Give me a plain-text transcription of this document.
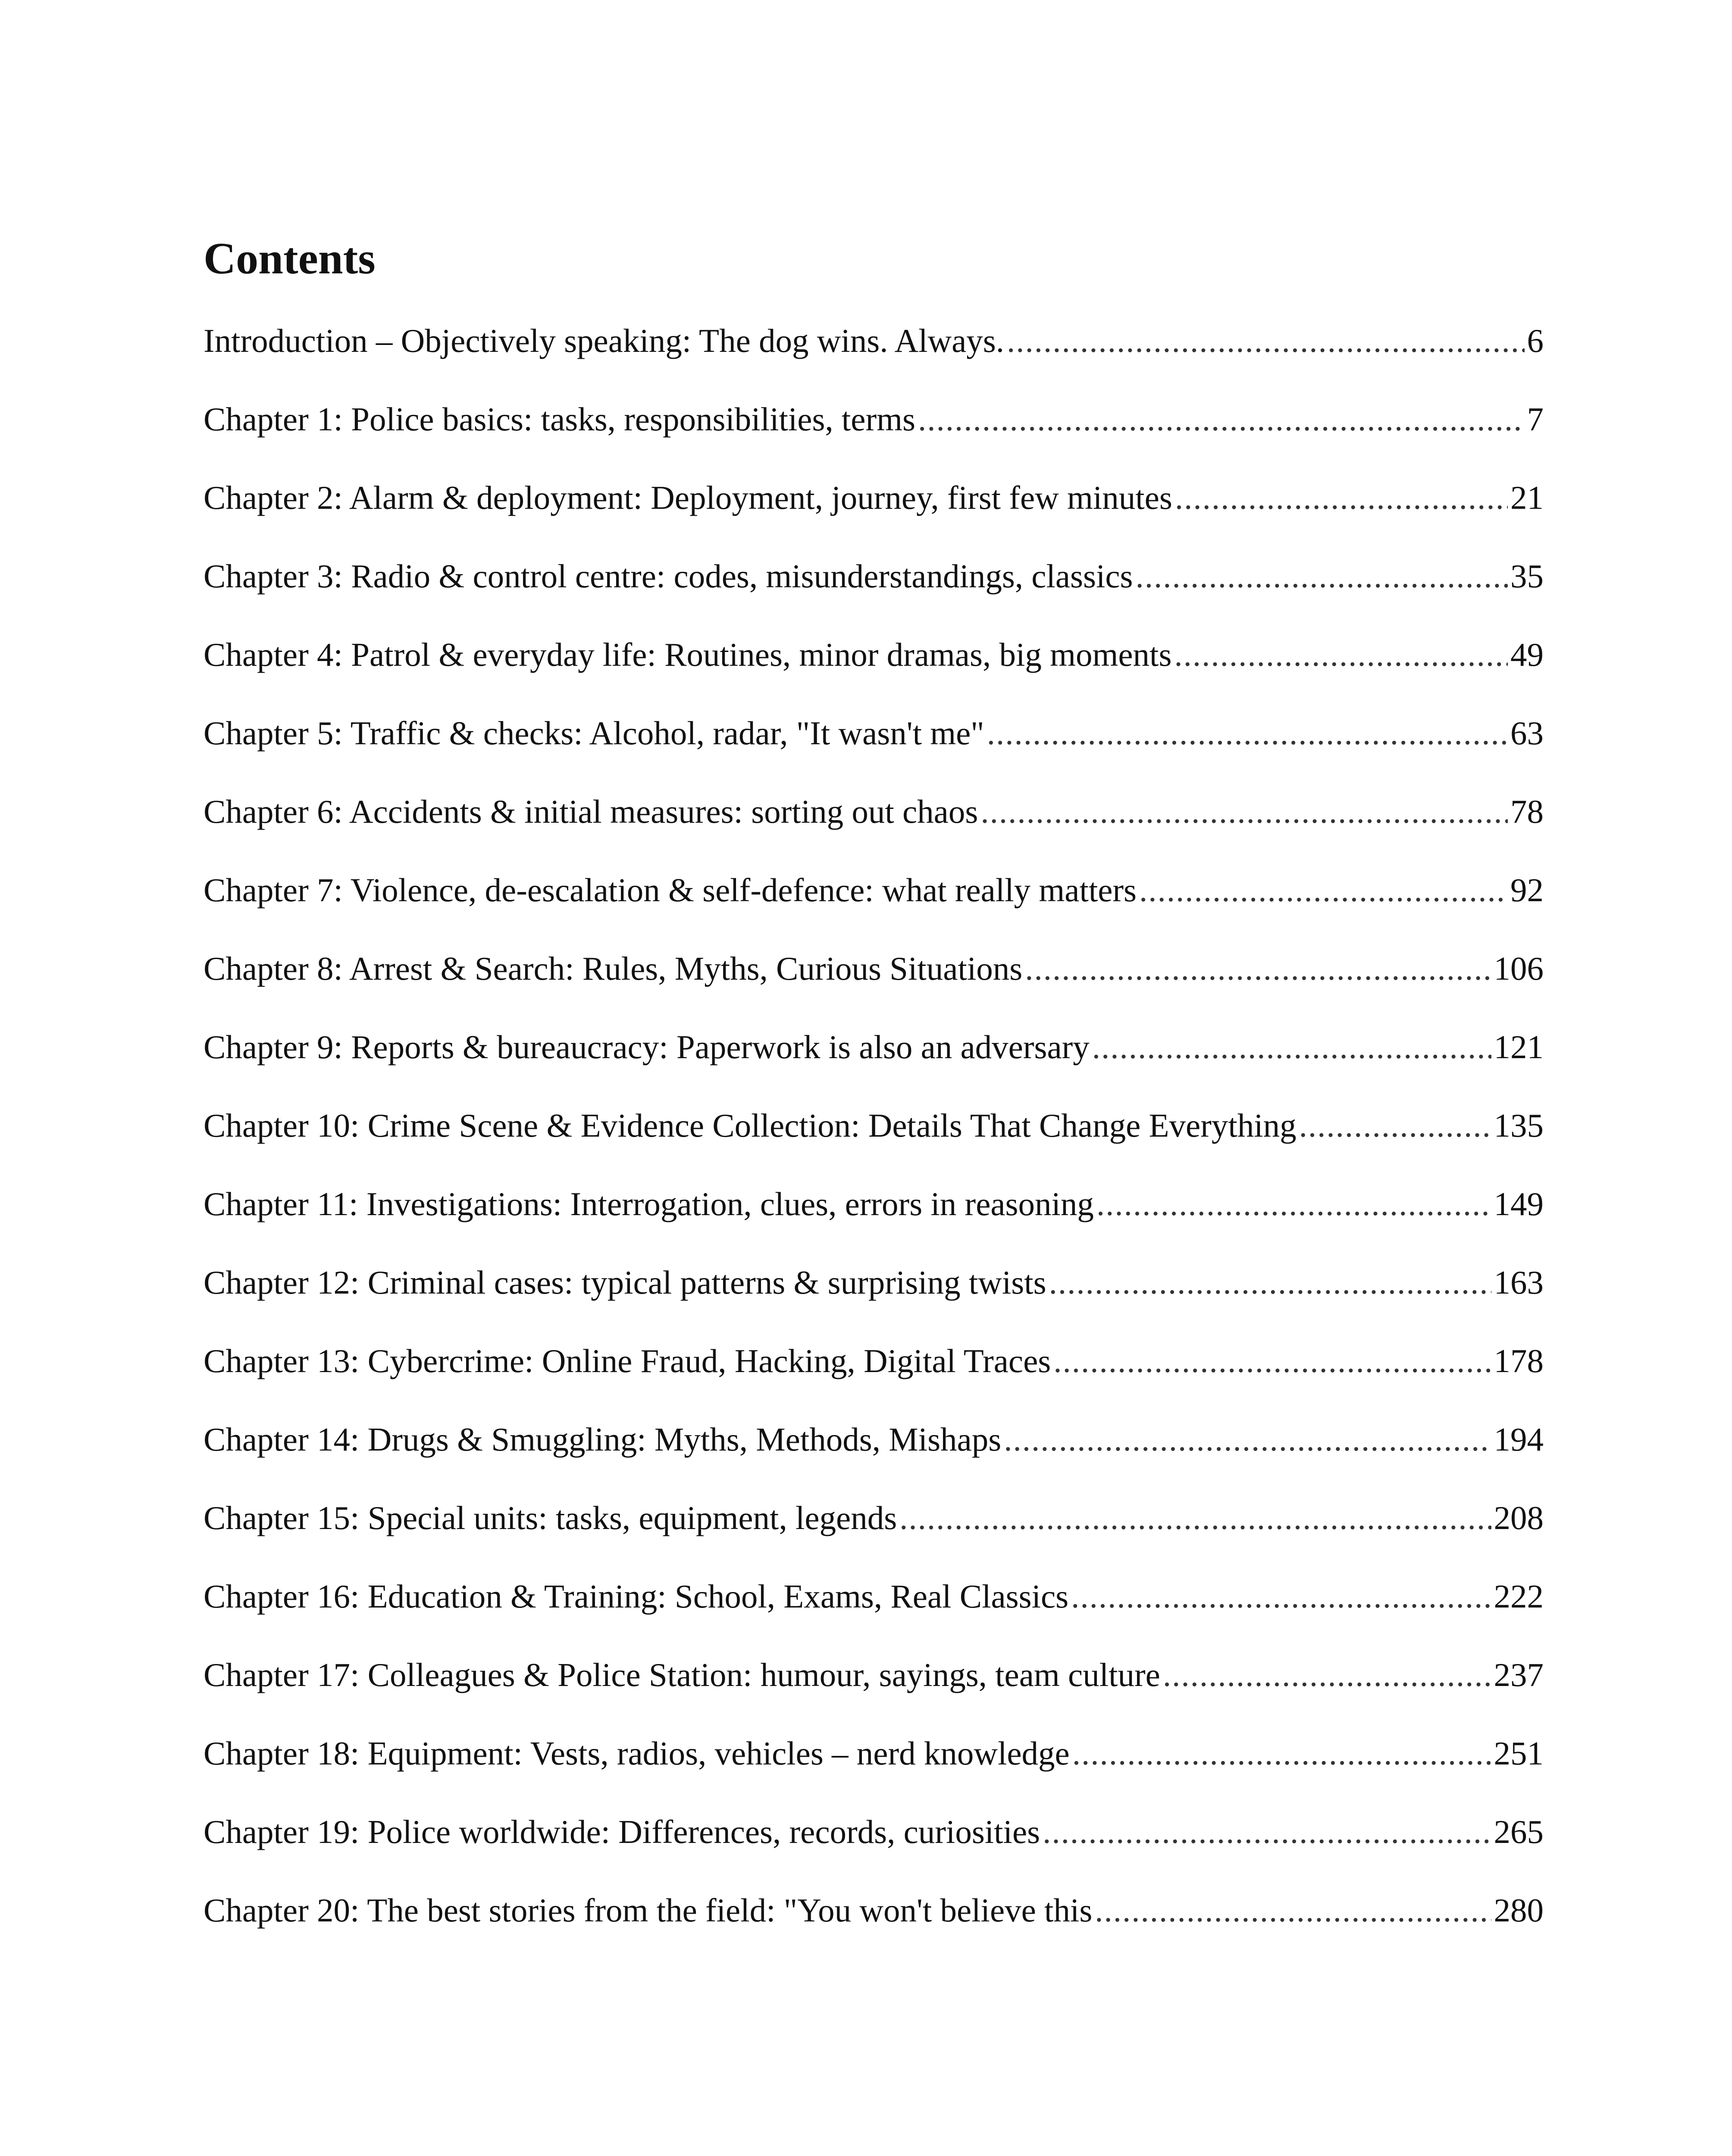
Contents
Introduction – Objectively speaking: The dog wins. Always. .....	6
Chapter 1: Police basics: tasks, responsibilities, terms .....	7
Chapter 2: Alarm & deployment: Deployment, journey, first few minutes .....	21
Chapter 3: Radio & control centre: codes, misunderstandings, classics .....	35
Chapter 4: Patrol & everyday life: Routines, minor dramas, big moments .....	49
Chapter 5: Traffic & checks: Alcohol, radar, "It wasn't me" .....	63
Chapter 6: Accidents & initial measures: sorting out chaos .....	78
Chapter 7: Violence, de-escalation & self-defence: what really matters .....	92
Chapter 8: Arrest & Search: Rules, Myths, Curious Situations .....	106
Chapter 9: Reports & bureaucracy: Paperwork is also an adversary .....	121
Chapter 10: Crime Scene & Evidence Collection: Details That Change Everything .....	135
Chapter 11: Investigations: Interrogation, clues, errors in reasoning .....	149
Chapter 12: Criminal cases: typical patterns & surprising twists .....	163
Chapter 13: Cybercrime: Online Fraud, Hacking, Digital Traces .....	178
Chapter 14: Drugs & Smuggling: Myths, Methods, Mishaps .....	194
Chapter 15: Special units: tasks, equipment, legends .....	208
Chapter 16: Education & Training: School, Exams, Real Classics .....	222
Chapter 17: Colleagues & Police Station: humour, sayings, team culture .....	237
Chapter 18: Equipment: Vests, radios, vehicles – nerd knowledge .....	251
Chapter 19: Police worldwide: Differences, records, curiosities .....	265
Chapter 20: The best stories from the field: "You won't believe this .....	280
